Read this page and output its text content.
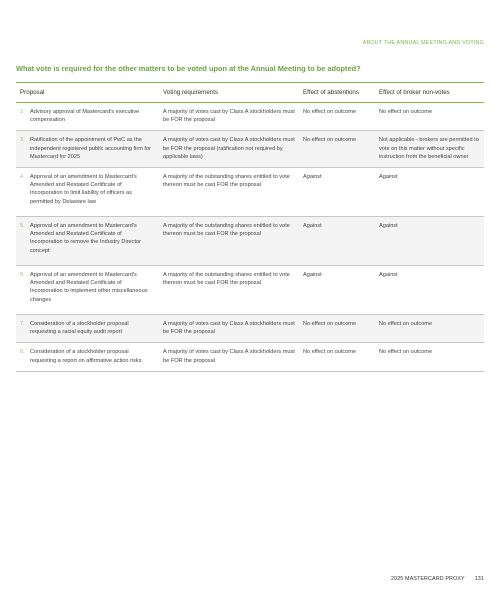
ABOUT THE ANNUAL MEETING AND VOTING
What vote is required for the other matters to be voted upon at the Annual Meeting to be adopted?
Proposal	Voting requirements	Effect of abstentions	Effect of broker non-votes
2. Advisory approval of Mastercard's executive compensation	A majority of votes cast by Class A stockholders must be FOR the proposal	No effect on outcome	No effect on outcome
3. Ratification of the appointment of PwC as the independent registered public accounting firm for Mastercard for 2025	A majority of votes cast by Class A stockholders must be FOR the proposal (ratification not required by applicable laws)	No effect on outcome	Not applicable - brokers are permitted to vote on this matter without specific instruction from the beneficial owner
4. Approval of an amendment to Mastercard's Amended and Restated Certificate of Incorporation to limit liability of officers as permitted by Delaware law	A majority of the outstanding shares entitled to vote thereon must be cast FOR the proposal	Against	Against
5. Approval of an amendment to Mastercard's Amended and Restated Certificate of Incorporation to remove the Industry Director concept	A majority of the outstanding shares entitled to vote thereon must be cast FOR the proposal	Against	Against
6. Approval of an amendment to Mastercard's Amended and Restated Certificate of Incorporation to implement other miscellaneous changes	A majority of the outstanding shares entitled to vote thereon must be cast FOR the proposal	Against	Against
7. Consideration of a stockholder proposal requesting a racial equity audit report	A majority of votes cast by Class A stockholders must be FOR the proposal	No effect on outcome	No effect on outcome
8. Consideration of a stockholder proposal requesting a report on affirmative action risks	A majority of votes cast by Class A stockholders must be FOR the proposal	No effect on outcome	No effect on outcome
2025 MASTERCARD PROXY 131
